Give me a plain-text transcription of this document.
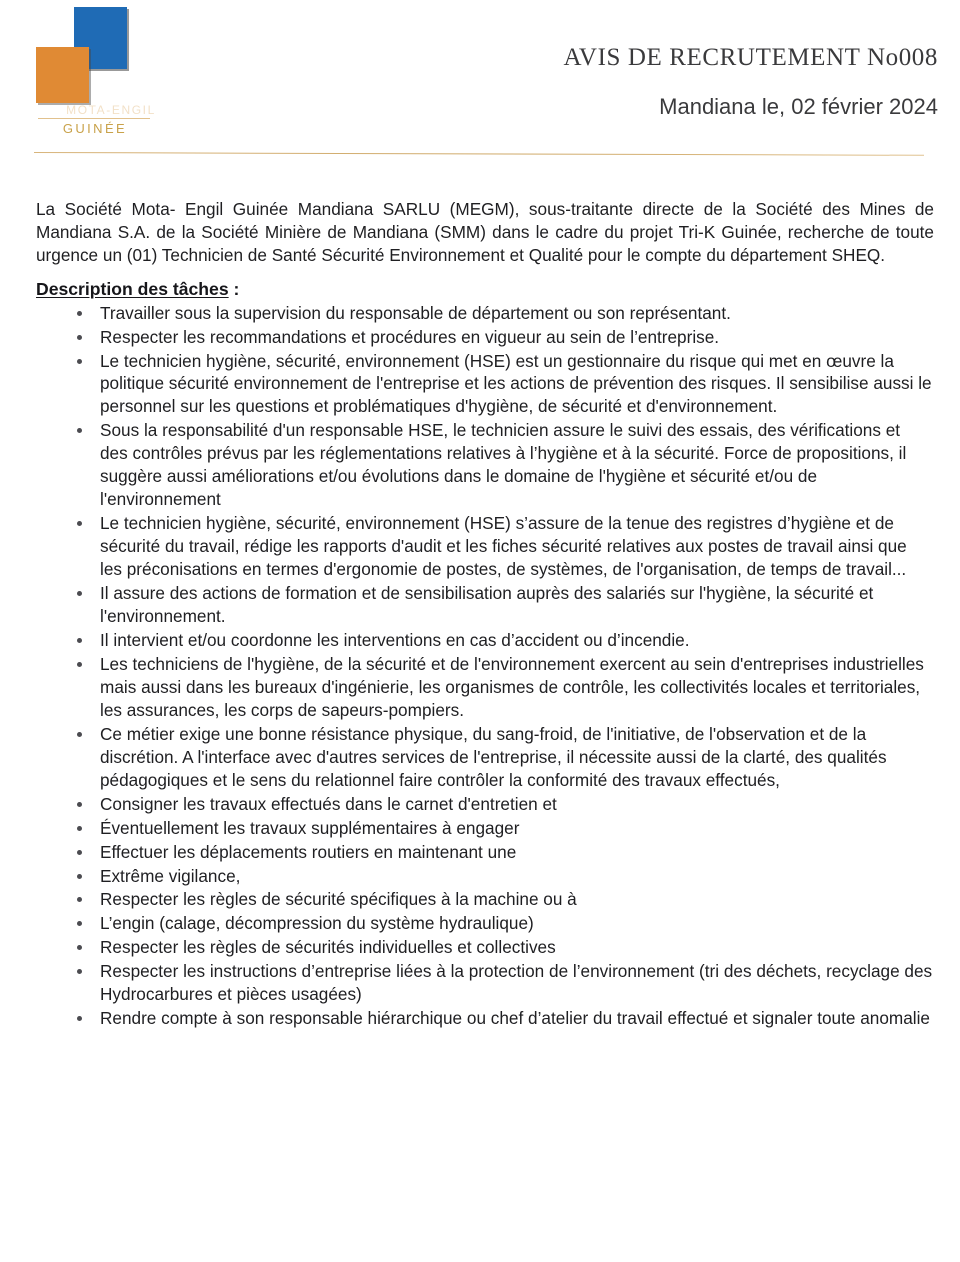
MOTA-ENGIL
GUINÉE
AVIS DE RECRUTEMENT No008
Mandiana le, 02 février 2024

La Société Mota- Engil Guinée Mandiana SARLU (MEGM), sous-traitante directe de la Société des Mines de Mandiana S.A. de la Société Minière de Mandiana (SMM) dans le cadre du projet Tri-K Guinée, recherche de toute urgence un (01) Technicien de Santé Sécurité Environnement et Qualité pour le compte du département SHEQ.

Description des tâches :
Travailler sous la supervision du responsable de département ou son représentant.
Respecter les recommandations et procédures en vigueur au sein de l’entreprise.
Le technicien hygiène, sécurité, environnement (HSE) est un gestionnaire du risque qui met en œuvre la politique sécurité environnement de l'entreprise et les actions de prévention des risques. Il sensibilise aussi le personnel sur les questions et problématiques d'hygiène, de sécurité et d'environnement.
Sous la responsabilité d'un responsable HSE, le technicien assure le suivi des essais, des vérifications et des contrôles prévus par les réglementations relatives à l’hygiène et à la sécurité. Force de propositions, il suggère aussi améliorations et/ou évolutions dans le domaine de l'hygiène et sécurité et/ou de l'environnement
Le technicien hygiène, sécurité, environnement (HSE) s’assure de la tenue des registres d’hygiène et de sécurité du travail, rédige les rapports d'audit et les fiches sécurité relatives aux postes de travail ainsi que les préconisations en termes d'ergonomie de postes, de systèmes, de l'organisation, de temps de travail...
Il assure des actions de formation et de sensibilisation auprès des salariés sur l'hygiène, la sécurité et l'environnement.
Il intervient et/ou coordonne les interventions en cas d’accident ou d’incendie.
Les techniciens de l'hygiène, de la sécurité et de l'environnement exercent au sein d'entreprises industrielles mais aussi dans les bureaux d'ingénierie, les organismes de contrôle, les collectivités locales et territoriales, les assurances, les corps de sapeurs-pompiers.
Ce métier exige une bonne résistance physique, du sang-froid, de l'initiative, de l'observation et de la discrétion. A l'interface avec d'autres services de l'entreprise, il nécessite aussi de la clarté, des qualités pédagogiques et le sens du relationnel faire contrôler la conformité des travaux effectués,
Consigner les travaux effectués dans le carnet d'entretien et
Éventuellement les travaux supplémentaires à engager
Effectuer les déplacements routiers en maintenant une
Extrême vigilance,
Respecter les règles de sécurité spécifiques à la machine ou à
L’engin (calage, décompression du système hydraulique)
Respecter les règles de sécurités individuelles et collectives
Respecter les instructions d’entreprise liées à la protection de l’environnement (tri des déchets, recyclage des Hydrocarbures et pièces usagées)
Rendre compte à son responsable hiérarchique ou chef d’atelier du travail effectué et signaler toute anomalie
